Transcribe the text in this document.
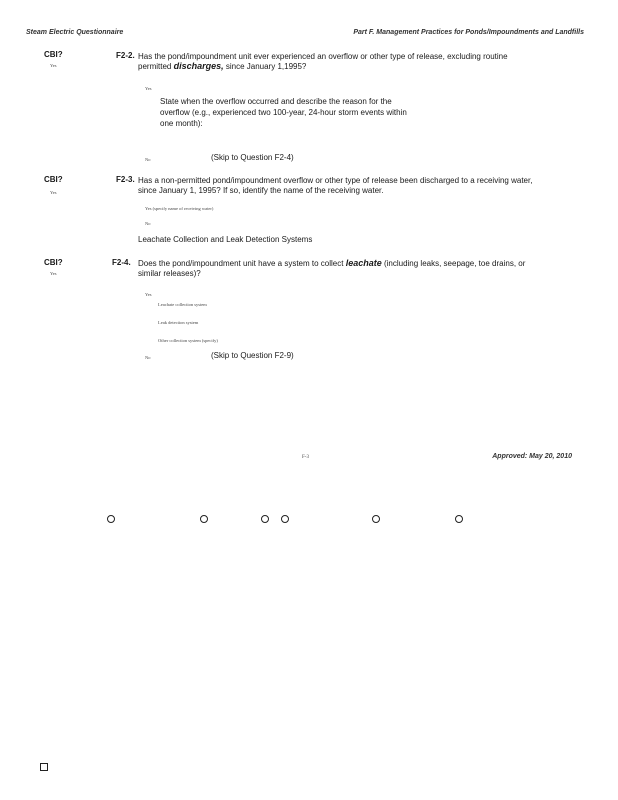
Steam Electric Questionnaire	Part F. Management Practices for Ponds/Impoundments and Landfills
CBI?
Yes
F2-2. Has the pond/impoundment unit ever experienced an overflow or other type of release, excluding routine
permitted discharges, since January 1,1995?
Yes
State when the overflow occurred and describe the reason for the
overflow (e.g., experienced two 100-year, 24-hour storm events within
one month):
No	(Skip to Question F2-4)
CBI?
Yes
F2-3. Has a non-permitted pond/impoundment overflow or other type of release been discharged to a receiving water,
since January 1, 1995? If so, identify the name of the receiving water.
Yes (specify name of receiving water)
No
Leachate Collection and Leak Detection Systems
CBI?
Yes
F2-4. Does the pond/impoundment unit have a system to collect leachate (including leaks, seepage, toe drains, or
similar releases)?
Yes
Leachate collection system
Leak detection system
Other collection system (specify)
No	(Skip to Question F2-9)
F-3	Approved: May 20, 2010
